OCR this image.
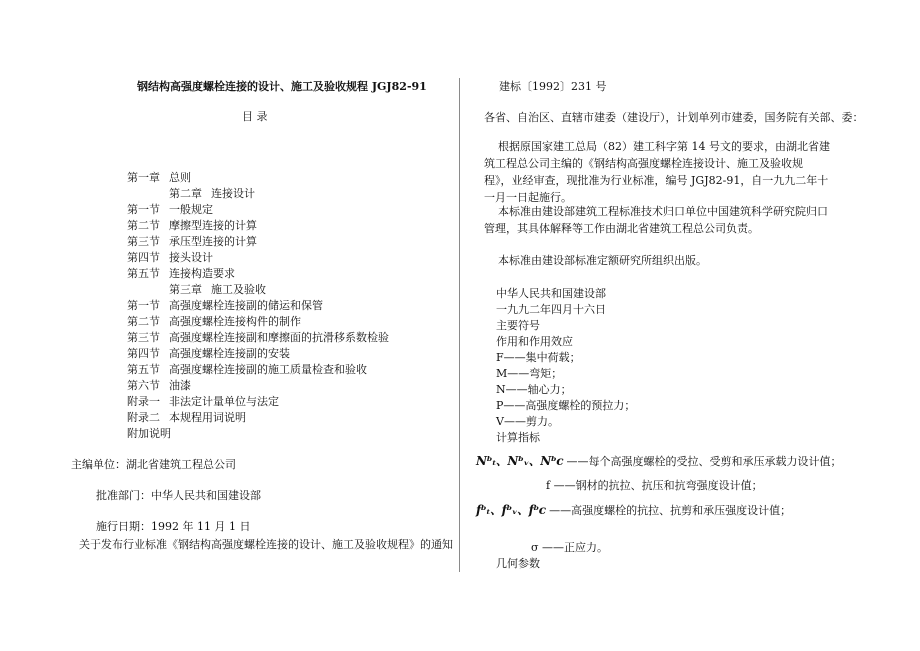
钢结构高强度螺栓连接的设计、施工及验收规程 JGJ82-91
目 录
第一章 总则
第二章 连接设计
第一节 一般规定
第二节 摩擦型连接的计算
第三节 承压型连接的计算
第四节 接头设计
第五节 连接构造要求
第三章 施工及验收
第一节 高强度螺栓连接副的储运和保管
第二节 高强度螺栓连接构件的制作
第三节 高强度螺栓连接副和摩擦面的抗滑移系数检验
第四节 高强度螺栓连接副的安装
第五节 高强度螺栓连接副的施工质量检查和验收
第六节 油漆
附录一 非法定计量单位与法定
附录二 本规程用词说明
附加说明
主编单位：湖北省建筑工程总公司
批准部门：中华人民共和国建设部
施行日期：1992 年 11 月 1 日
关于发布行业标准《钢结构高强度螺栓连接的设计、施工及验收规程》的通知
建标〔1992〕231 号
各省、自治区、直辖市建委（建设厅），计划单列市建委，国务院有关部、委：
根据原国家建工总局（82）建工科字第 14 号文的要求，由湖北省建筑工程总公司主编的《钢结构高强度螺栓连接设计、施工及验收规程》，业经审查，现批准为行业标准，编号 JGJ82-91，自一九九二年十一月一日起施行。
本标准由建设部建筑工程标准技术归口单位中国建筑科学研究院归口管理，其具体解释等工作由湖北省建筑工程总公司负责。
本标准由建设部标准定额研究所组织出版。
中华人民共和国建设部
一九九二年四月十六日
主要符号
作用和作用效应
F——集中荷载；
M——弯矩；
N——轴心力；
P——高强度螺栓的预拉力；
V——剪力。
计算指标
Nᵇₜ、Nᵇᵥ、Nᵇc ——每个高强度螺栓的受拉、受剪和承压承载力设计值；
f ——钢材的抗拉、抗压和抗弯强度设计值；
fᵇₜ、fᵇᵥ、fᵇc ——高强度螺栓的抗拉、抗剪和承压强度设计值；
σ ——正应力。
几何参数
